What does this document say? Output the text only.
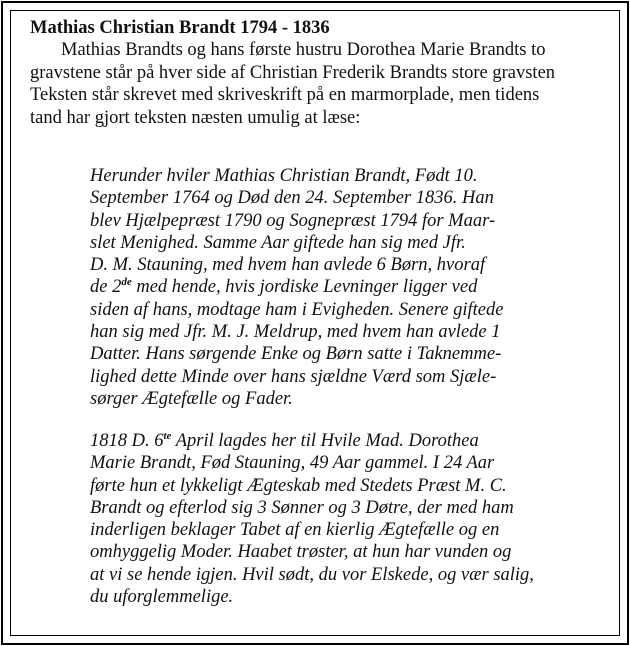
Mathias Christian Brandt 1794 - 1836

Mathias Brandts og hans første hustru Dorothea Marie Brandts to
gravstene står på hver side af Christian Frederik Brandts store gravsten
Teksten står skrevet med skriveskrift på en marmorplade, men tidens
tand har gjort teksten næsten umulig at læse:

Herunder hviler Mathias Christian Brandt, Født 10.
September 1764 og Død den 24. September 1836. Han
blev Hjælpepræst 1790 og Sognepræst 1794 for Maar-
slet Menighed. Samme Aar giftede han sig med Jfr.
D. M. Stauning, med hvem han avlede 6 Børn, hvoraf
de 2de med hende, hvis jordiske Levninger ligger ved
siden af hans, modtage ham i Evigheden. Senere giftede
han sig med Jfr. M. J. Meldrup, med hvem han avlede 1
Datter. Hans sørgende Enke og Børn satte i Taknemme-
lighed dette Minde over hans sjældne Værd som Sjæle-
sørger Ægtefælle og Fader.
1818 D. $6^{te}$ April lagdes her til Hvile Mad. Dorothea
Marie Brandt, Fød Stauning, 49 Aar gammel. I 24 Aar
førte hun et lykkeligt Ægteskab med Stedets Præst M. C.
Brandt og efterlod sig 3 Sønner og 3 Døtre, der med ham
inderligen beklager Tabet af en kierlig Ægtefælle og en
omhyggelig Moder. Haabet trøster, at hun har vunden og
at vi se hende igjen. Hvil sødt, du vor Elskede, og vær salig,
du uforglemmelige.
